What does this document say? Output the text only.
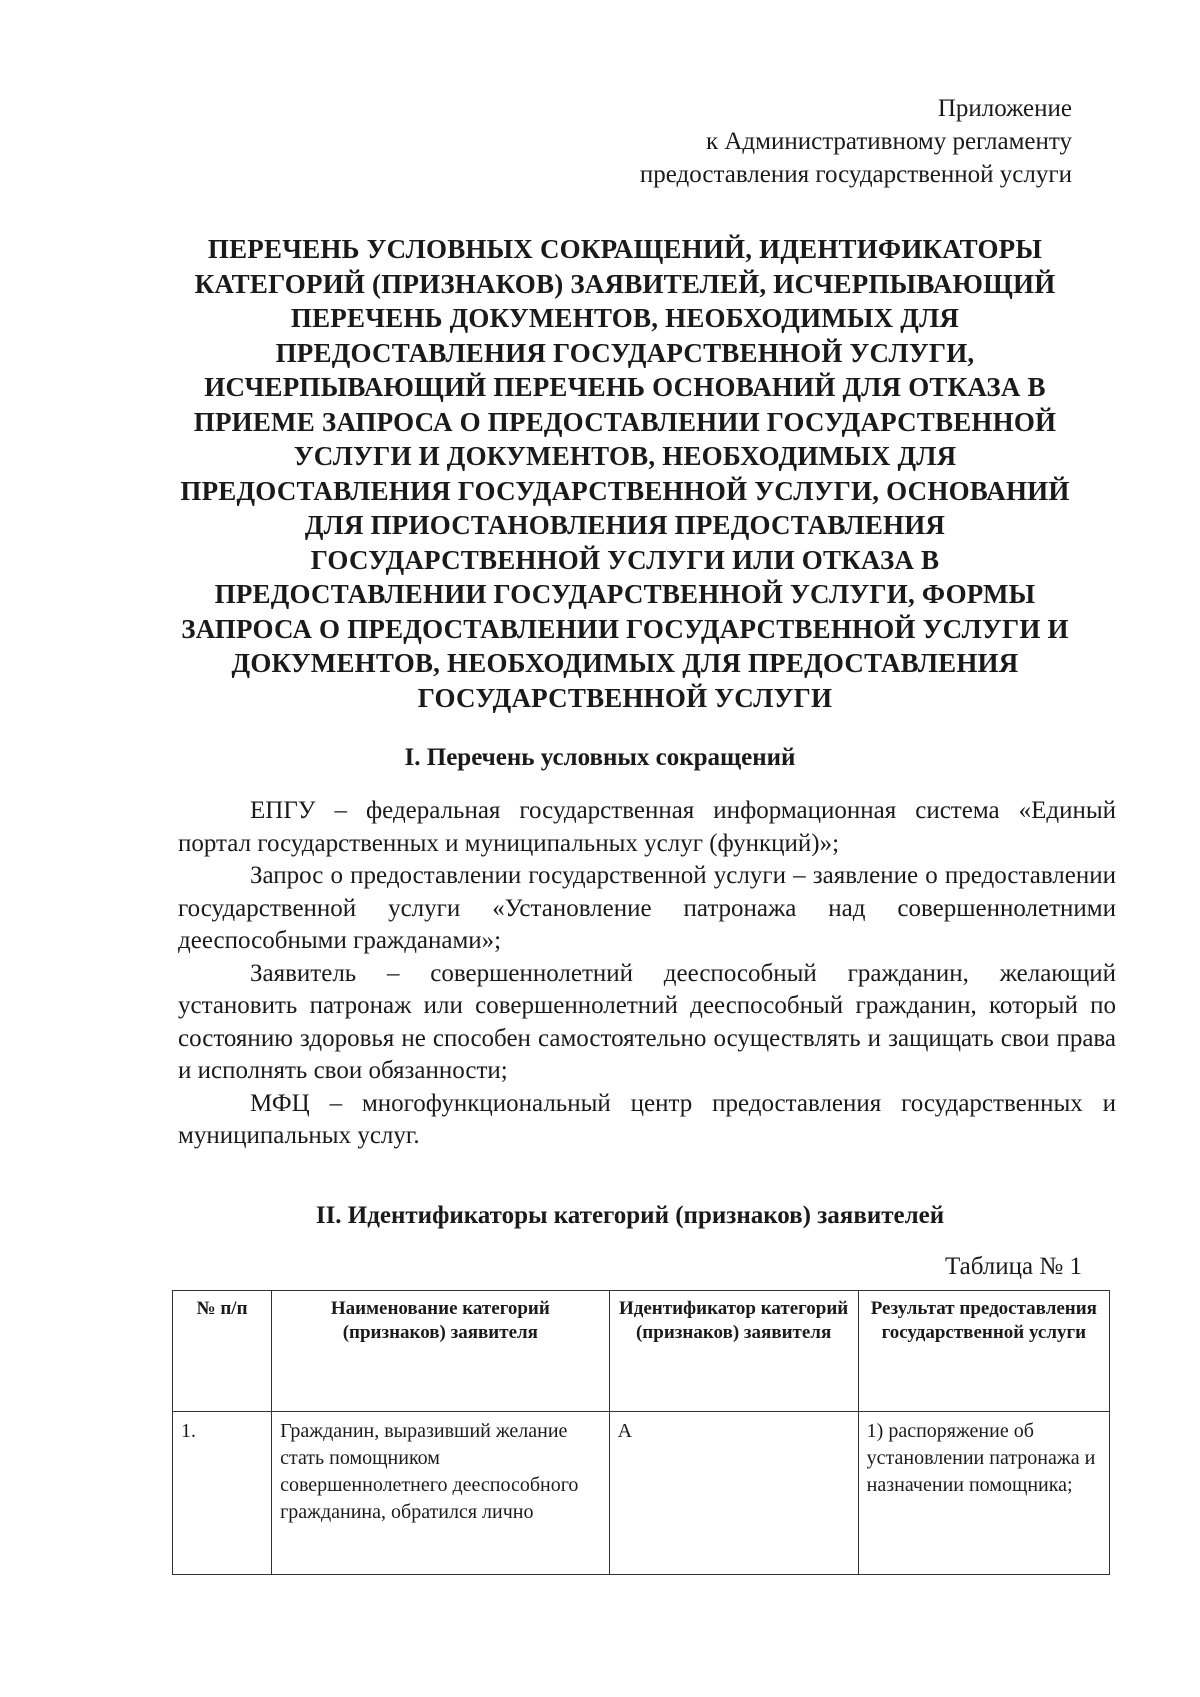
Приложение
к Административному регламенту
предоставления государственной услуги
ПЕРЕЧЕНЬ УСЛОВНЫХ СОКРАЩЕНИЙ, ИДЕНТИФИКАТОРЫ
КАТЕГОРИЙ (ПРИЗНАКОВ) ЗАЯВИТЕЛЕЙ, ИСЧЕРПЫВАЮЩИЙ
ПЕРЕЧЕНЬ ДОКУМЕНТОВ, НЕОБХОДИМЫХ ДЛЯ
ПРЕДОСТАВЛЕНИЯ ГОСУДАРСТВЕННОЙ УСЛУГИ,
ИСЧЕРПЫВАЮЩИЙ ПЕРЕЧЕНЬ ОСНОВАНИЙ ДЛЯ ОТКАЗА В
ПРИЕМЕ ЗАПРОСА О ПРЕДОСТАВЛЕНИИ ГОСУДАРСТВЕННОЙ
УСЛУГИ И ДОКУМЕНТОВ, НЕОБХОДИМЫХ ДЛЯ
ПРЕДОСТАВЛЕНИЯ ГОСУДАРСТВЕННОЙ УСЛУГИ, ОСНОВАНИЙ
ДЛЯ ПРИОСТАНОВЛЕНИЯ ПРЕДОСТАВЛЕНИЯ
ГОСУДАРСТВЕННОЙ УСЛУГИ ИЛИ ОТКАЗА В
ПРЕДОСТАВЛЕНИИ ГОСУДАРСТВЕННОЙ УСЛУГИ, ФОРМЫ
ЗАПРОСА О ПРЕДОСТАВЛЕНИИ ГОСУДАРСТВЕННОЙ УСЛУГИ И
ДОКУМЕНТОВ, НЕОБХОДИМЫХ ДЛЯ ПРЕДОСТАВЛЕНИЯ
ГОСУДАРСТВЕННОЙ УСЛУГИ
I. Перечень условных сокращений

ЕПГУ – федеральная государственная информационная система «Единый портал государственных и муниципальных услуг (функций)»;

Запрос о предоставлении государственной услуги – заявление о предоставлении государственной услуги «Установление патронажа над совершеннолетними дееспособными гражданами»;

Заявитель – совершеннолетний дееспособный гражданин, желающий установить патронаж или совершеннолетний дееспособный гражданин, который по состоянию здоровья не способен самостоятельно осуществлять и защищать свои права и исполнять свои обязанности;

МФЦ – многофункциональный центр предоставления государственных и муниципальных услуг.

II. Идентификаторы категорий (признаков) заявителей
Таблица № 1
№ п/п	Наименование категорий (признаков) заявителя	Идентификатор категорий (признаков) заявителя	Результат предоставления государственной услуги
1.	Гражданин, выразивший желание стать помощником совершеннолетнего дееспособного гражданина, обратился лично	А	1) распоряжение об установлении патронажа и назначении помощника;
